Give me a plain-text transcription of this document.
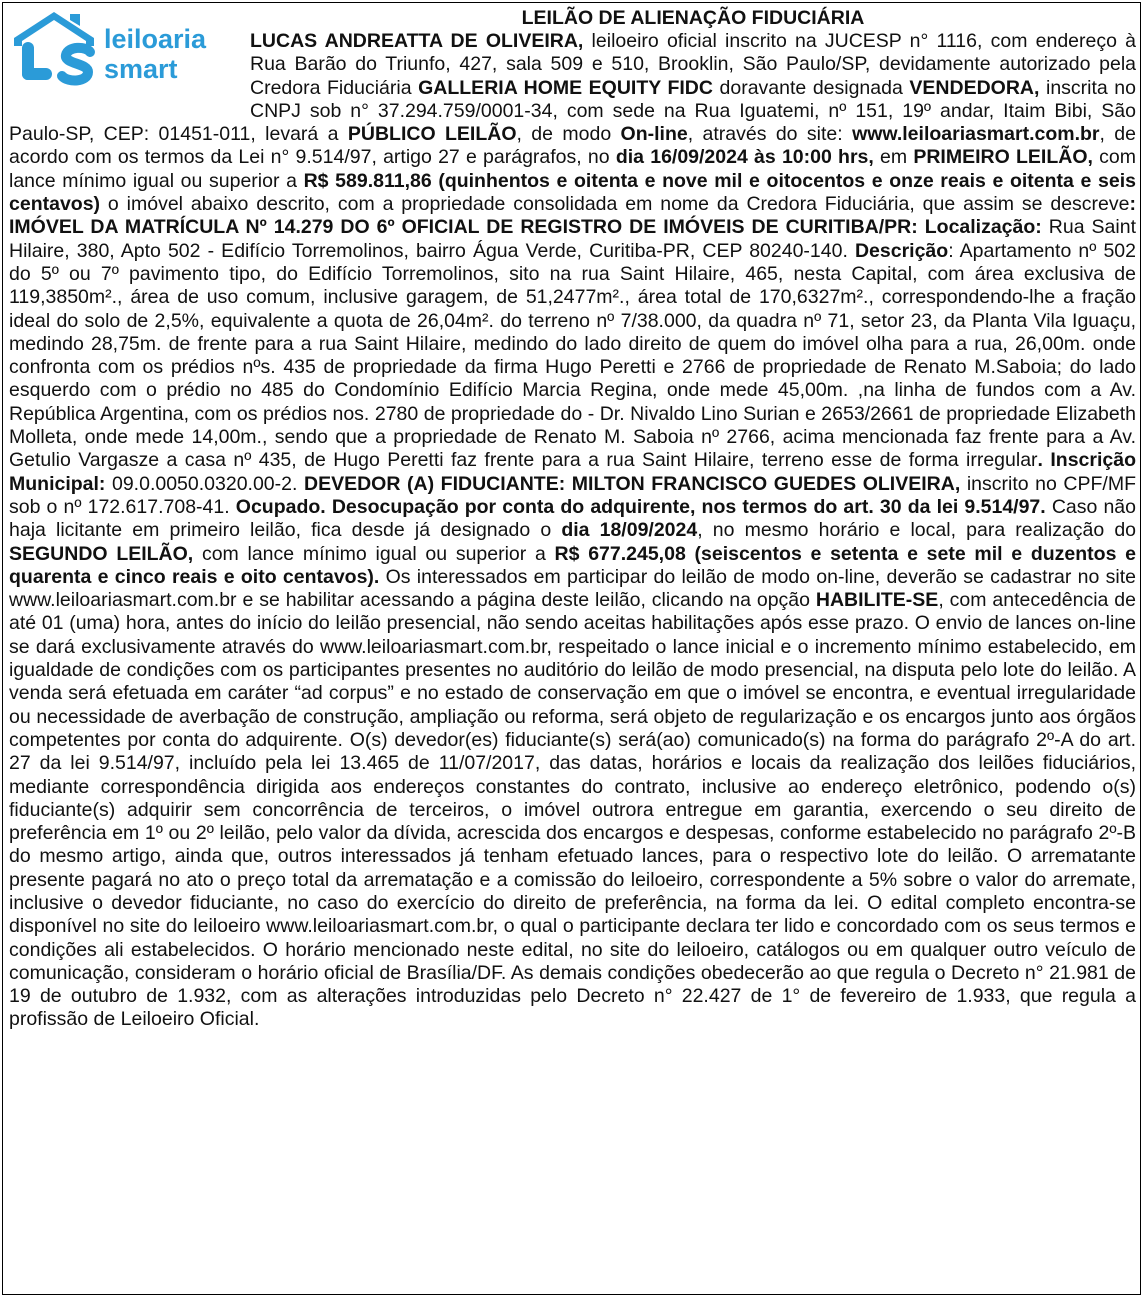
leiloaria
smart
LEILÃO DE ALIENAÇÃO FIDUCIÁRIA
LUCAS ANDREATTA DE OLIVEIRA, leiloeiro oficial inscrito na JUCESP n° 1116, com endereço à Rua Barão do Triunfo, 427, sala 509 e 510, Brooklin, São Paulo/SP, devidamente autorizado pela Credora Fiduciária GALLERIA HOME EQUITY FIDC doravante designada VENDEDORA, inscrita no CNPJ sob n° 37.294.759/0001-34, com sede na Rua Iguatemi, nº 151, 19º andar, Itaim Bibi, São Paulo-SP, CEP: 01451-011, levará a PÚBLICO LEILÃO, de modo On-line, através do site: www.leiloariasmart.com.br, de acordo com os termos da Lei n° 9.514/97, artigo 27 e parágrafos, no dia 16/09/2024 às 10:00 hrs, em PRIMEIRO LEILÃO, com lance mínimo igual ou superior a R$ 589.811,86 (quinhentos e oitenta e nove mil e oitocentos e onze reais e oitenta e seis centavos) o imóvel abaixo descrito, com a propriedade consolidada em nome da Credora Fiduciária, que assim se descreve: IMÓVEL DA MATRÍCULA Nº 14.279 DO 6º OFICIAL DE REGISTRO DE IMÓVEIS DE CURITIBA/PR: Localização: Rua Saint Hilaire, 380, Apto 502 - Edifício Torremolinos, bairro Água Verde, Curitiba-PR, CEP 80240-140. Descrição: Apartamento nº 502 do 5º ou 7º pavimento tipo, do Edifício Torremolinos, sito na rua Saint Hilaire, 465, nesta Capital, com área exclusiva de 119,3850m²., área de uso comum, inclusive garagem, de 51,2477m²., área total de 170,6327m²., correspondendo-lhe a fração ideal do solo de 2,5%, equivalente a quota de 26,04m². do terreno nº 7/38.000, da quadra nº 71, setor 23, da Planta Vila Iguaçu, medindo 28,75m. de frente para a rua Saint Hilaire, medindo do lado direito de quem do imóvel olha para a rua, 26,00m. onde confronta com os prédios nºs. 435 de propriedade da firma Hugo Peretti e 2766 de propriedade de Renato M.Saboia; do lado esquerdo com o prédio no 485 do Condomínio Edifício Marcia Regina, onde mede 45,00m. ,na linha de fundos com a Av. República Argentina, com os prédios nos. 2780 de propriedade do - Dr. Nivaldo Lino Surian e 2653/2661 de propriedade Elizabeth Molleta, onde mede 14,00m., sendo que a propriedade de Renato M. Saboia nº 2766, acima mencionada faz frente para a Av. Getulio Vargasze a casa nº 435, de Hugo Peretti faz frente para a rua Saint Hilaire, terreno esse de forma irregular. Inscrição Municipal: 09.0.0050.0320.00-2. DEVEDOR (A) FIDUCIANTE: MILTON FRANCISCO GUEDES OLIVEIRA, inscrito no CPF/MF sob o nº 172.617.708-41. Ocupado. Desocupação por conta do adquirente, nos termos do art. 30 da lei 9.514/97. Caso não haja licitante em primeiro leilão, fica desde já designado o dia 18/09/2024, no mesmo horário e local, para realização do SEGUNDO LEILÃO, com lance mínimo igual ou superior a R$ 677.245,08 (seiscentos e setenta e sete mil e duzentos e quarenta e cinco reais e oito centavos). Os interessados em participar do leilão de modo on-line, deverão se cadastrar no site www.leiloariasmart.com.br e se habilitar acessando a página deste leilão, clicando na opção HABILITE-SE, com antecedência de até 01 (uma) hora, antes do início do leilão presencial, não sendo aceitas habilitações após esse prazo. O envio de lances on-line se dará exclusivamente através do www.leiloariasmart.com.br, respeitado o lance inicial e o incremento mínimo estabelecido, em igualdade de condições com os participantes presentes no auditório do leilão de modo presencial, na disputa pelo lote do leilão. A venda será efetuada em caráter “ad corpus” e no estado de conservação em que o imóvel se encontra, e eventual irregularidade ou necessidade de averbação de construção, ampliação ou reforma, será objeto de regularização e os encargos junto aos órgãos competentes por conta do adquirente. O(s) devedor(es) fiduciante(s) será(ao) comunicado(s) na forma do parágrafo 2º-A do art. 27 da lei 9.514/97, incluído pela lei 13.465 de 11/07/2017, das datas, horários e locais da realização dos leilões fiduciários, mediante correspondência dirigida aos endereços constantes do contrato, inclusive ao endereço eletrônico, podendo o(s) fiduciante(s) adquirir sem concorrência de terceiros, o imóvel outrora entregue em garantia, exercendo o seu direito de preferência em 1º ou 2º leilão, pelo valor da dívida, acrescida dos encargos e despesas, conforme estabelecido no parágrafo 2º-B do mesmo artigo, ainda que, outros interessados já tenham efetuado lances, para o respectivo lote do leilão. O arrematante presente pagará no ato o preço total da arrematação e a comissão do leiloeiro, correspondente a 5% sobre o valor do arremate, inclusive o devedor fiduciante, no caso do exercício do direito de preferência, na forma da lei. O edital completo encontra-se disponível no site do leiloeiro www.leiloariasmart.com.br, o qual o participante declara ter lido e concordado com os seus termos e condições ali estabelecidos. O horário mencionado neste edital, no site do leiloeiro, catálogos ou em qualquer outro veículo de comunicação, consideram o horário oficial de Brasília/DF. As demais condições obedecerão ao que regula o Decreto n° 21.981 de 19 de outubro de 1.932, com as alterações introduzidas pelo Decreto n° 22.427 de 1° de fevereiro de 1.933, que regula a profissão de Leiloeiro Oficial.
